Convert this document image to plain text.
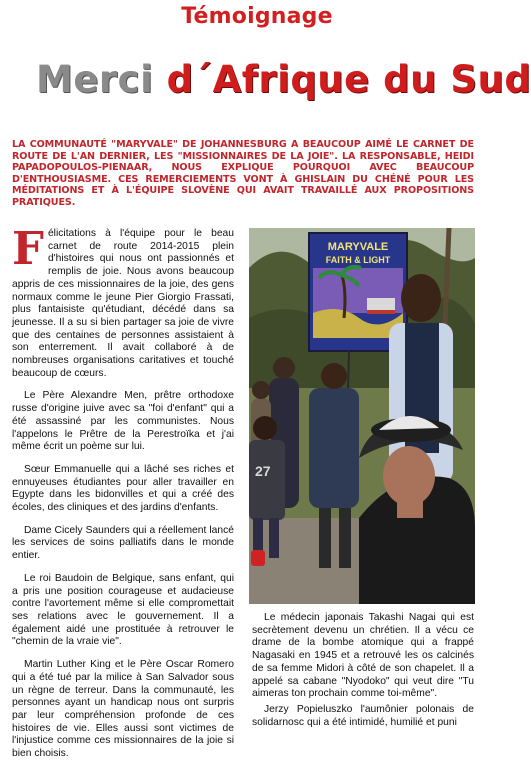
Témoignage
Merci d´Afrique du Sud
LA COMMUNAUTÉ "MARYVALE" DE JOHANNESBURG A BEAUCOUP AIMÉ LE CARNET DE ROUTE DE L'AN DERNIER, LES "MISSIONNAIRES DE LA JOIE". LA RESPONSABLE, HEIDI PAPADOPOULOS-PIENAAR, NOUS EXPLIQUE POURQUOI AVEC BEAUCOUP D'ENTHOUSIASME. CES REMERCIEMENTS VONT À GHISLAIN DU CHÉNÉ POUR LES MÉDITATIONS ET À L'ÉQUIPE SLOVÈNE QUI AVAIT TRAVAILLÉ AUX PROPOSITIONS PRATIQUES.

Félicitations à l'équipe pour le beau carnet de route 2014-2015 plein d'histoires qui nous ont passionnés et remplis de joie. Nous avons beaucoup appris de ces missionnaires de la joie, des gens normaux comme le jeune Pier Giorgio Frassati, plus fantaisiste qu'étudiant, décédé dans sa jeunesse. Il a su si bien partager sa joie de vivre que des centaines de personnes assistaient à son enterrement. Il avait collaboré à de nombreuses organisations caritatives et touché beaucoup de cœurs.

Le Père Alexandre Men, prêtre orthodoxe russe d'origine juive avec sa "foi d'enfant" qui a été assassiné par les communistes. Nous l'appelons le Prêtre de la Perestroïka et j'ai même écrit un poème sur lui.

Sœur Emmanuelle qui a lâché ses riches et ennuyeuses étudiantes pour aller travailler en Egypte dans les bidonvilles et qui a créé des écoles, des cliniques et des jardins d'enfants.

Dame Cicely Saunders qui a réellement lancé les services de soins palliatifs dans le monde entier.

Le roi Baudoin de Belgique, sans enfant, qui a pris une position courageuse et audacieuse contre l'avortement même si elle compromettait ses relations avec le gouvernement. Il a également aidé une prostituée à retrouver le "chemin de la vraie vie".

Martin Luther King et le Père Oscar Romero qui a été tué par la milice à San Salvador sous un règne de terreur. Dans la communauté, les personnes ayant un handicap nous ont surpris par leur compréhension profonde de ces histoires de vie. Elles aussi sont victimes de l'injustice comme ces missionnaires de la joie si bien choisis.

MARYVALE
FAITH & LIGHT
27

Le médecin japonais Takashi Nagai qui est secrètement devenu un chrétien. Il a vécu ce drame de la bombe atomique qui a frappé Nagasaki en 1945 et a retrouvé les os calcinés de sa femme Midori à côté de son chapelet. Il a appelé sa cabane "Nyodoko" qui veut dire "Tu aimeras ton prochain comme toi-même".

Jerzy Popieluszko l'aumônier polonais de solidarnosc qui a été intimidé, humilié et puni
